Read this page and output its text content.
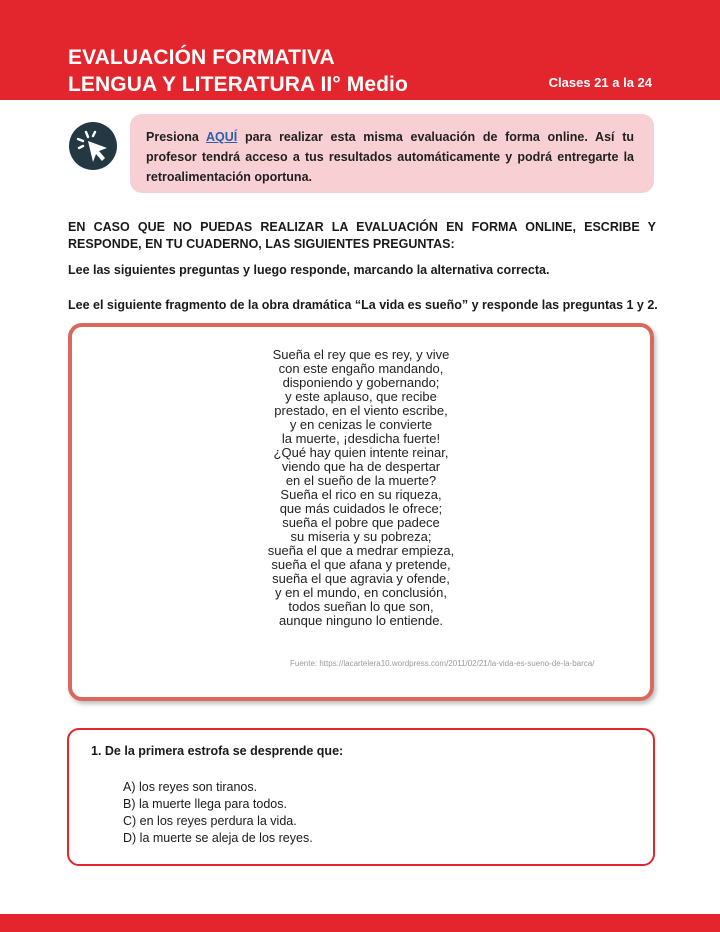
EVALUACIÓN FORMATIVA
LENGUA Y LITERATURA II° Medio	Clases 21 a la 24
Presiona AQUÍ para realizar esta misma evaluación de forma online. Así tu profesor tendrá acceso a tus resultados automáticamente y podrá entregarte la retroalimentación oportuna.
EN CASO QUE NO PUEDAS REALIZAR LA EVALUACIÓN EN FORMA ONLINE, ESCRIBE Y RESPONDE, EN TU CUADERNO, LAS SIGUIENTES PREGUNTAS:
Lee las siguientes preguntas y luego responde, marcando la alternativa correcta.
Lee el siguiente fragmento de la obra dramática “La vida es sueño” y responde las preguntas 1 y 2.
Sueña el rey que es rey, y vive
con este engaño mandando,
disponiendo y gobernando;
y este aplauso, que recibe
prestado, en el viento escribe,
y en cenizas le convierte
la muerte, ¡desdicha fuerte!
¿Qué hay quien intente reinar,
viendo que ha de despertar
en el sueño de la muerte?
Sueña el rico en su riqueza,
que más cuidados le ofrece;
sueña el pobre que padece
su miseria y su pobreza;
sueña el que a medrar empieza,
sueña el que afana y pretende,
sueña el que agravia y ofende,
y en el mundo, en conclusión,
todos sueñan lo que son,
aunque ninguno lo entiende.
Fuente: https://lacartelera10.wordpress.com/2011/02/21/la-vida-es-sueno-de-la-barca/
1. De la primera estrofa se desprende que:
A) los reyes son tiranos.
B) la muerte llega para todos.
C) en los reyes perdura la vida.
D) la muerte se aleja de los reyes.
